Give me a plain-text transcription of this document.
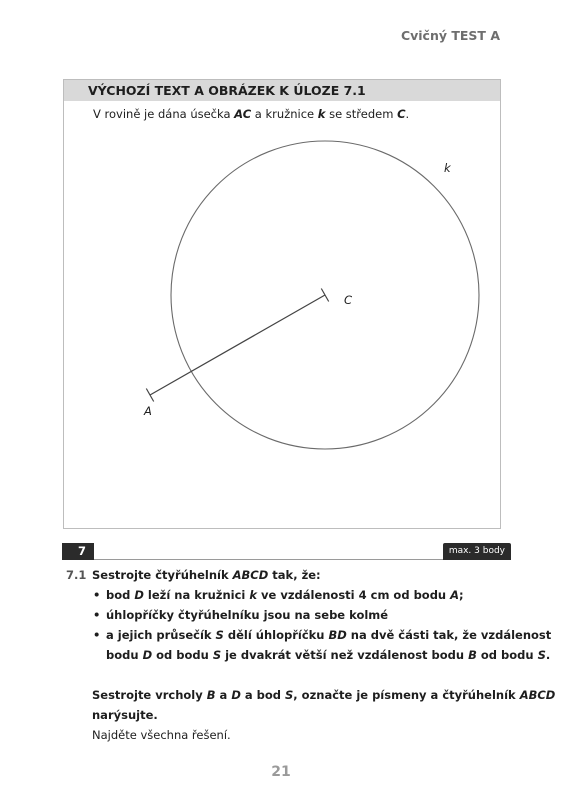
Cvičný TEST A
VÝCHOZÍ TEXT A OBRÁZEK K ÚLOZE 7.1
V rovině je dána úsečka AC a kružnice k se středem C.
k
A
C
7	max. 3 body
7.1 Sestrojte čtyřúhelník ABCD tak, že:
• bod D leží na kružnici k ve vzdálenosti 4 cm od bodu A;
• úhlopříčky čtyřúhelníku jsou na sebe kolmé
• a jejich průsečík S dělí úhlopříčku BD na dvě části tak, že vzdálenost
bodu D od bodu S je dvakrát větší než vzdálenost bodu B od bodu S.
Sestrojte vrcholy B a D a bod S, označte je písmeny a čtyřúhelník ABCD
narýsujte.
Najděte všechna řešení.
21
